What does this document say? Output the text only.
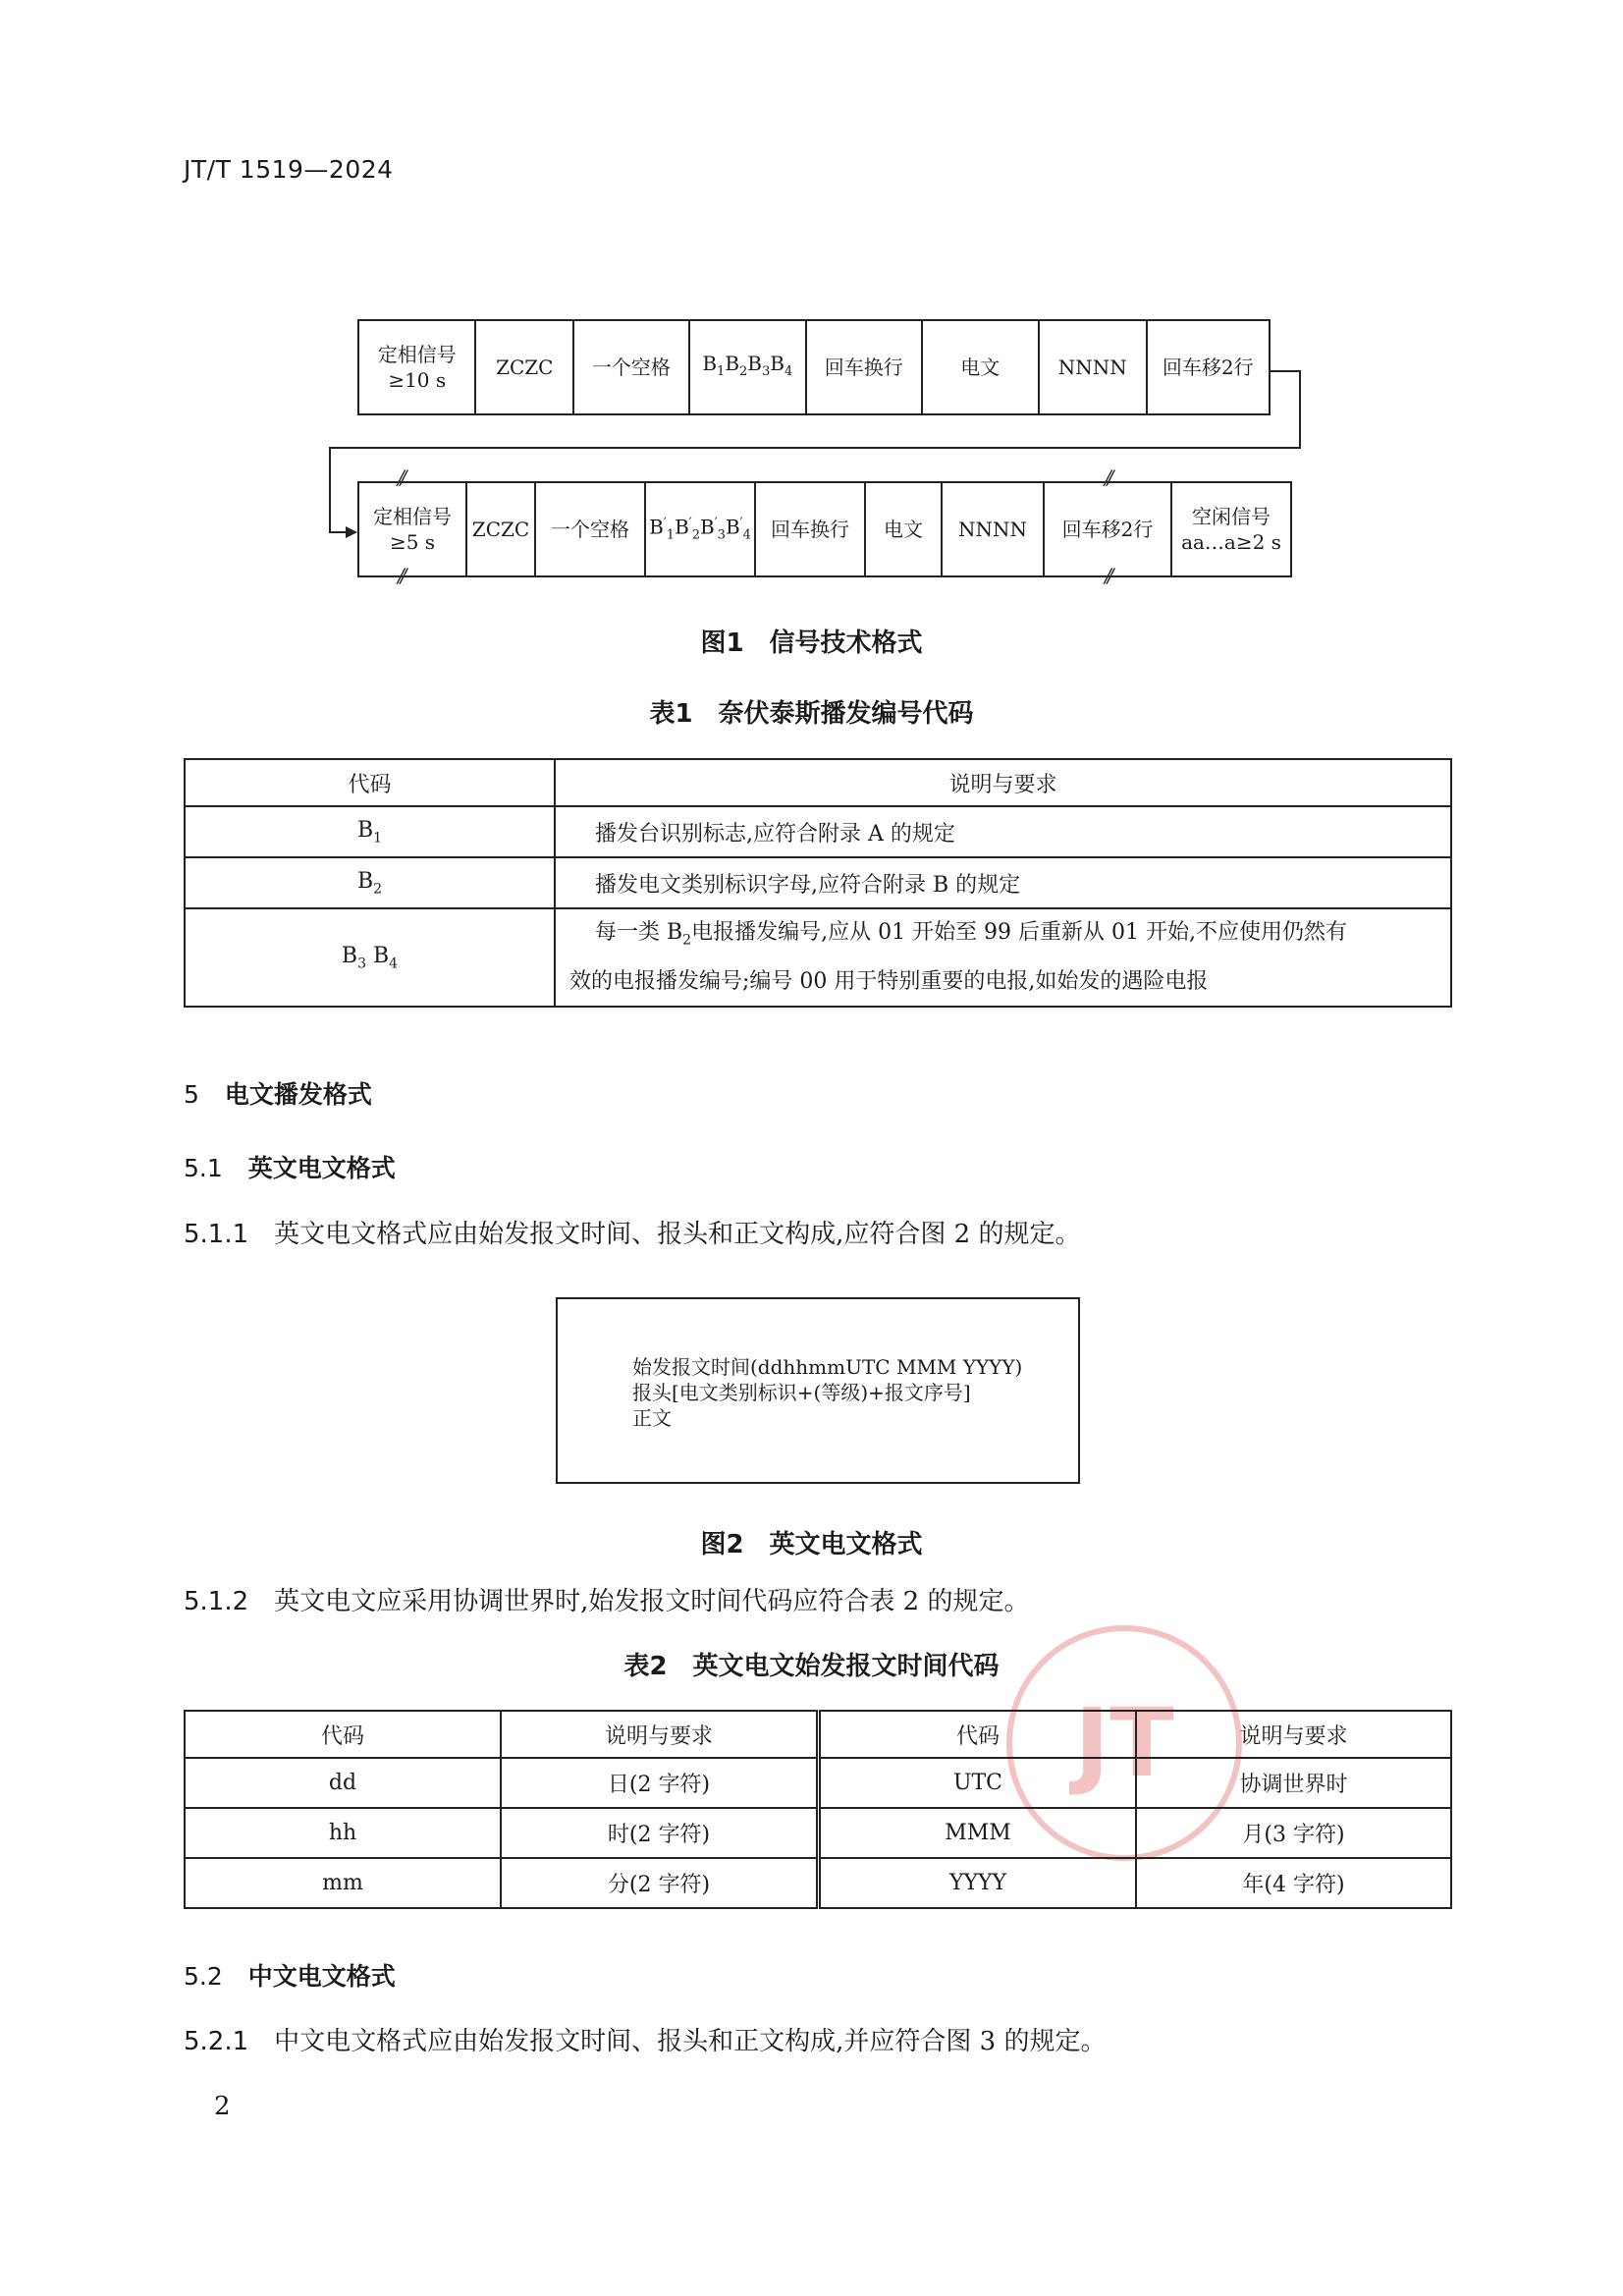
JT/T 1519—2024
定相信号
≥10 s
ZCZC 一个空格 $B_1B_2B_3B_4$ 回车换行	电文	NNNN 回车移2行
定相信号
≥5 s
ZCZC 一个空格 $B'_1B'_2B'_3B'_4$ 回车换行 电文 NNNN 回车移2行
空闲信号
aa…a≥2 s
//
//
//
//
图1　信号技术格式
表1　奈伏泰斯播发编号代码
代码	说明与要求
$B_1$	播发台识别标志,应符合附录 A 的规定
$B_2$	播发电文类别标识字母,应符合附录 B 的规定
$B_3$ $B_4$	每一类 $B_2$电报播发编号,应从 01 开始至 99 后重新从 01 开始,不应使用仍然有
效的电报播发编号;编号 00 用于特别重要的电报,如始发的遇险电报
5 电文播发格式
5.1 英文电文格式
5.1.1 英文电文格式应由始发报文时间、报头和正文构成,应符合图 2 的规定。
始发报文时间(ddhhmmUTC MMM YYYY)
报头[电文类别标识+(等级)+报文序号]
正文
图2　英文电文格式
5.1.2 英文电文应采用协调世界时,始发报文时间代码应符合表 2 的规定。
表2　英文电文始发报文时间代码
JT
代码	说明与要求	代码	说明与要求
dd	日(2 字符)	UTC	协调世界时
hh	时(2 字符)	MMM	月(3 字符)
mm	分(2 字符)	YYYY	年(4 字符)
5.2 中文电文格式
5.2.1 中文电文格式应由始发报文时间、报头和正文构成,并应符合图 3 的规定。
2
